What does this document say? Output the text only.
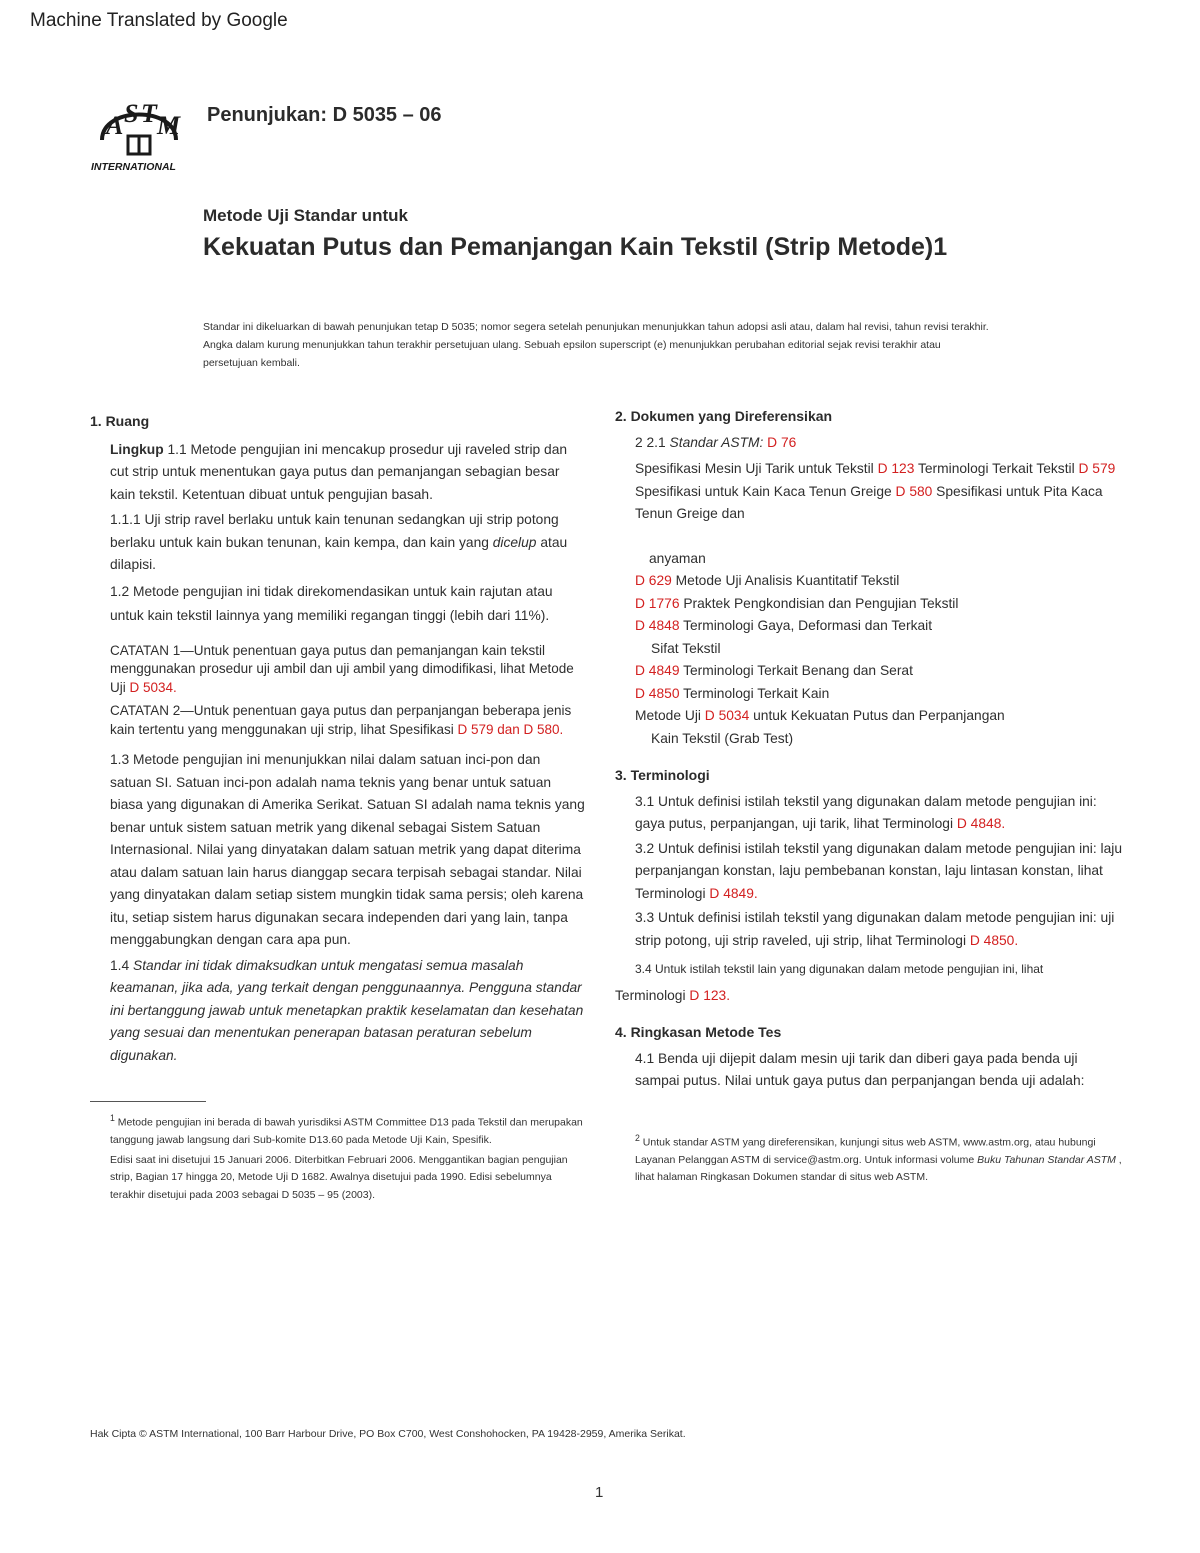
Machine Translated by Google
A S T M
INTERNATIONAL
Penunjukan: D 5035 – 06
Metode Uji Standar untuk
Kekuatan Putus dan Pemanjangan Kain Tekstil (Strip Metode)1
Standar ini dikeluarkan di bawah penunjukan tetap D 5035; nomor segera setelah penunjukan menunjukkan tahun adopsi asli atau, dalam hal revisi, tahun revisi terakhir. Angka dalam kurung menunjukkan tahun terakhir persetujuan ulang. Sebuah epsilon superscript (e) menunjukkan perubahan editorial sejak revisi terakhir atau persetujuan kembali.

1. Ruang

Lingkup 1.1 Metode pengujian ini mencakup prosedur uji raveled strip dan cut strip untuk menentukan gaya putus dan pemanjangan sebagian besar kain tekstil. Ketentuan dibuat untuk pengujian basah.

1.1.1 Uji strip ravel berlaku untuk kain tenunan sedangkan uji strip potong berlaku untuk kain bukan tenunan, kain kempa, dan kain yang dicelup atau dilapisi.

1.2 Metode pengujian ini tidak direkomendasikan untuk kain rajutan atau untuk kain tekstil lainnya yang memiliki regangan tinggi (lebih dari 11%).

CATATAN 1—Untuk penentuan gaya putus dan pemanjangan kain tekstil menggunakan prosedur uji ambil dan uji ambil yang dimodifikasi, lihat Metode Uji D 5034.

CATATAN 2—Untuk penentuan gaya putus dan perpanjangan beberapa jenis kain tertentu yang menggunakan uji strip, lihat Spesifikasi D 579 dan D 580.

1.3 Metode pengujian ini menunjukkan nilai dalam satuan inci-pon dan satuan SI. Satuan inci-pon adalah nama teknis yang benar untuk satuan biasa yang digunakan di Amerika Serikat. Satuan SI adalah nama teknis yang benar untuk sistem satuan metrik yang dikenal sebagai Sistem Satuan Internasional. Nilai yang dinyatakan dalam satuan metrik yang dapat diterima atau dalam satuan lain harus dianggap secara terpisah sebagai standar. Nilai yang dinyatakan dalam setiap sistem mungkin tidak sama persis; oleh karena itu, setiap sistem harus digunakan secara independen dari yang lain, tanpa menggabungkan dengan cara apa pun.

1.4 Standar ini tidak dimaksudkan untuk mengatasi semua masalah keamanan, jika ada, yang terkait dengan penggunaannya. Pengguna standar ini bertanggung jawab untuk menetapkan praktik keselamatan dan kesehatan yang sesuai dan menentukan penerapan batasan peraturan sebelum digunakan.

$^1$ Metode pengujian ini berada di bawah yurisdiksi ASTM Committee D13 pada Tekstil dan merupakan tanggung jawab langsung dari Sub-komite D13.60 pada Metode Uji Kain, Spesifik.

Edisi saat ini disetujui 15 Januari 2006. Diterbitkan Februari 2006. Menggantikan bagian pengujian strip, Bagian 17 hingga 20, Metode Uji D 1682. Awalnya disetujui pada 1990. Edisi sebelumnya terakhir disetujui pada 2003 sebagai D 5035 – 95 (2003).

2. Dokumen yang Direferensikan

2 2.1 Standar ASTM: D 76

Spesifikasi Mesin Uji Tarik untuk Tekstil D 123 Terminologi Terkait Tekstil D 579 Spesifikasi untuk Kain Kaca Tenun Greige D 580 Spesifikasi untuk Pita Kaca Tenun Greige dan

anyaman

D 629 Metode Uji Analisis Kuantitatif Tekstil

D 1776 Praktek Pengkondisian dan Pengujian Tekstil

D 4848 Terminologi Gaya, Deformasi dan Terkait

Sifat Tekstil

D 4849 Terminologi Terkait Benang dan Serat

D 4850 Terminologi Terkait Kain

Metode Uji D 5034 untuk Kekuatan Putus dan Perpanjangan

Kain Tekstil (Grab Test)

3. Terminologi

3.1 Untuk definisi istilah tekstil yang digunakan dalam metode pengujian ini: gaya putus, perpanjangan, uji tarik, lihat Terminologi D 4848.

3.2 Untuk definisi istilah tekstil yang digunakan dalam metode pengujian ini: laju perpanjangan konstan, laju pembebanan konstan, laju lintasan konstan, lihat Terminologi D 4849.

3.3 Untuk definisi istilah tekstil yang digunakan dalam metode pengujian ini: uji strip potong, uji strip raveled, uji strip, lihat Terminologi D 4850.

3.4 Untuk istilah tekstil lain yang digunakan dalam metode pengujian ini, lihat

Terminologi D 123.

4. Ringkasan Metode Tes

4.1 Benda uji dijepit dalam mesin uji tarik dan diberi gaya pada benda uji sampai putus. Nilai untuk gaya putus dan perpanjangan benda uji adalah:

$^2$ Untuk standar ASTM yang direferensikan, kunjungi situs web ASTM, www.astm.org, atau hubungi Layanan Pelanggan ASTM di service@astm.org. Untuk informasi volume Buku Tahunan Standar ASTM , lihat halaman Ringkasan Dokumen standar di situs web ASTM.

Hak Cipta © ASTM International, 100 Barr Harbour Drive, PO Box C700, West Conshohocken, PA 19428-2959, Amerika Serikat.
1
